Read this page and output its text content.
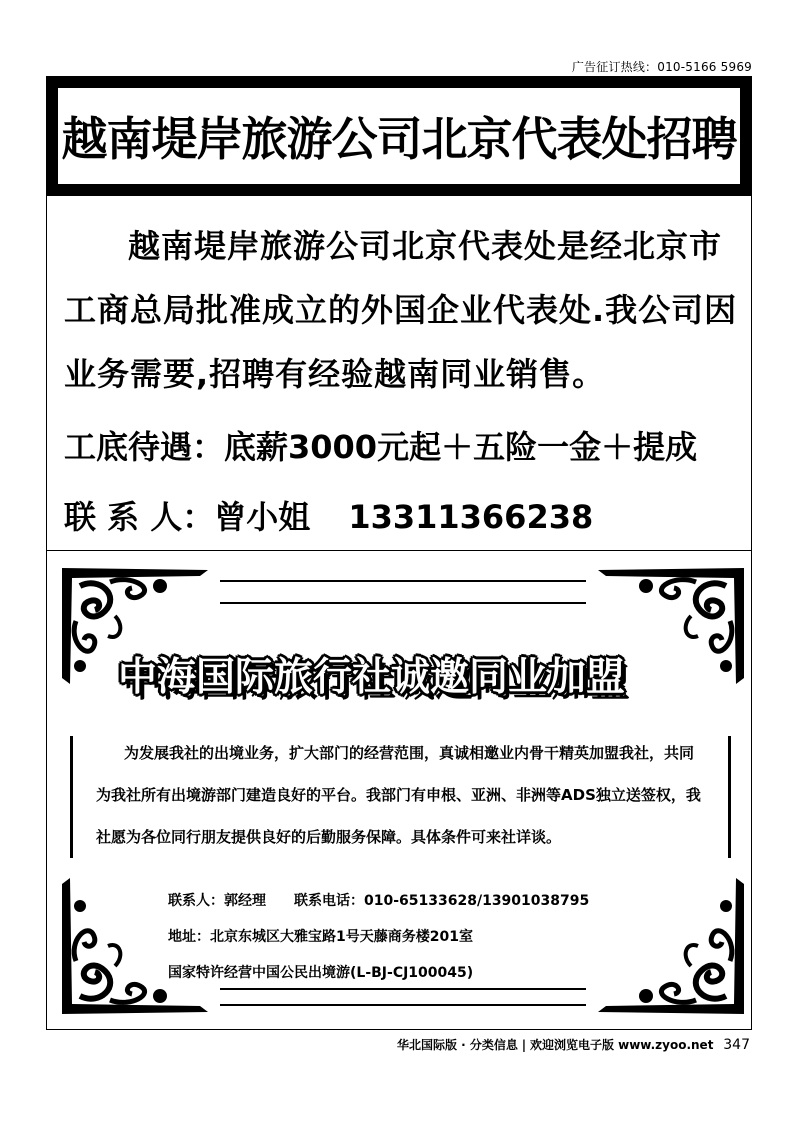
广告征订热线：010-5166 5969
越南堤岸旅游公司北京代表处招聘

越南堤岸旅游公司北京代表处是经北京市工商总局批准成立的外国企业代表处.我公司因业务需要,招聘有经验越南同业销售。

工底待遇：底薪3000元起＋五险一金＋提成
联 系 人：曾小姐 13311366238
中海国际旅行社诚邀同业加盟

为发展我社的出境业务，扩大部门的经营范围，真诚相邀业内骨干精英加盟我社，共同为我社所有出境游部门建造良好的平台。我部门有申根、亚洲、非洲等ADS独立送签权，我社愿为各位同行朋友提供良好的后勤服务保障。具体条件可来社详谈。

联系人：郭经理　　联系电话：010-65133628/13901038795
地址：北京东城区大雅宝路1号天藤商务楼201室
国家特许经营中国公民出境游(L-BJ-CJ100045)
华北国际版 · 分类信息 | 欢迎浏览电子版 www.zyoo.net 347
